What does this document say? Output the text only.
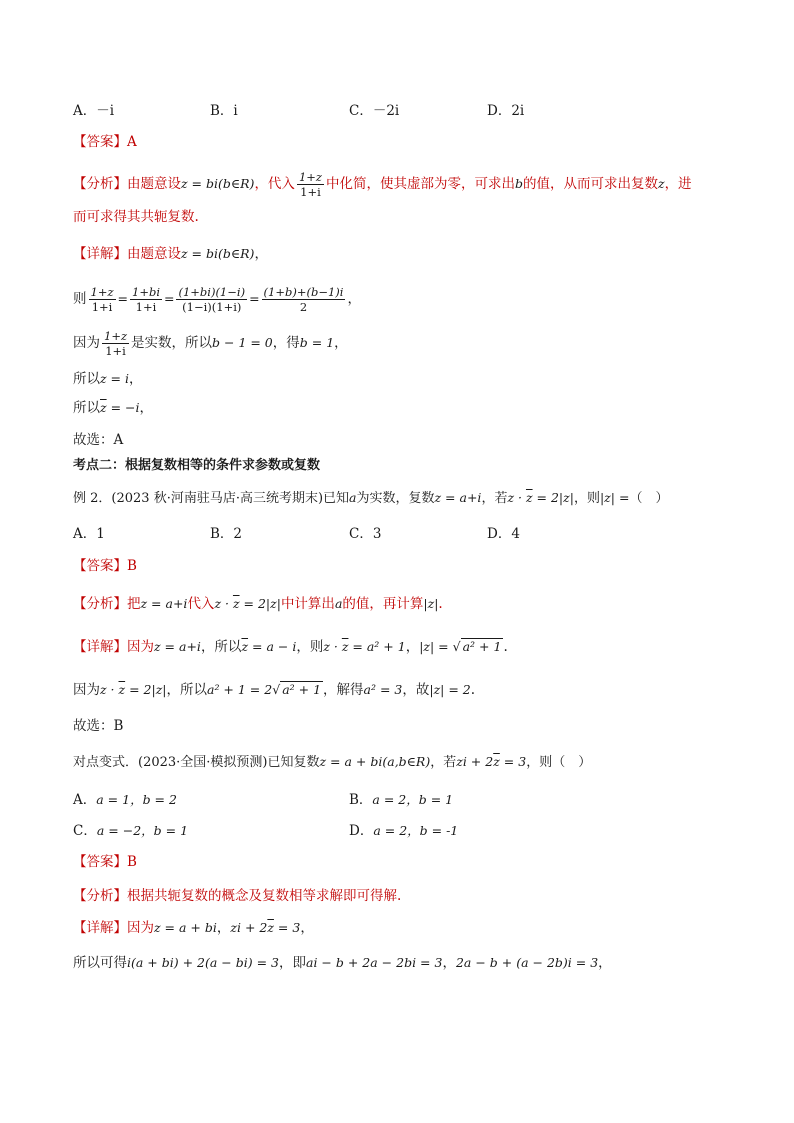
A．－i	B．i	C．－2i	D．2i
【答案】A
【分析】由题意设z = bi(b∈R)，代入 $\frac{1+z}{1+i}$ 中化简，使其虚部为零，可求出b的值，从而可求出复数z，进
而可求得其共轭复数.
【详解】由题意设z = bi(b∈R)，
则 $\frac{1+z}{1+i} = \frac{1+bi}{1+i} = \frac{(1+bi)(1-i)}{(1-i)(1+i)} = \frac{(1+b)+(b-1)i}{2}$ ，
因为 $\frac{1+z}{1+i}$ 是实数，所以b − 1 = 0，得b = 1，
所以z = i，
所以$\overline{z} = -i$，
故选：A
考点二：根据复数相等的条件求参数或复数
例 2．(2023 秋·河南驻马店·高三统考期末)已知a为实数，复数z = a+i，若$z \cdot \overline{z} = 2|z|$，则|z| =（　）
A．1	B．2	C．3	D．4
【答案】B
【分析】把z = a+i代入$z \cdot \overline{z} = 2|z|$中计算出a的值，再计算|z|.
【详解】因为z = a+i，所以$\overline{z} = a - i$，则$z \cdot \overline{z} = a^2 + 1$，|z| = √ a² + 1 .
因为$z \cdot \overline{z} = 2|z|$，所以a² + 1 = 2√ a² + 1 ，解得a² = 3，故|z| = 2.
故选：B
对点变式．(2023·全国·模拟预测)已知复数z = a + bi(a,b∈R)，若zi + $2\overline{z} = 3$，则（　）
A．a = 1，b = 2	B．a = 2，b = 1
C．a = −2，b = 1	D．a = 2，b = -1
【答案】B
【分析】根据共轭复数的概念及复数相等求解即可得解.
【详解】因为z = a + bi，zi + $2\overline{z} = 3$，
所以可得i(a + bi) + 2(a − bi) = 3，即ai − b + 2a − 2bi = 3，2a − b + (a − 2b)i = 3，
